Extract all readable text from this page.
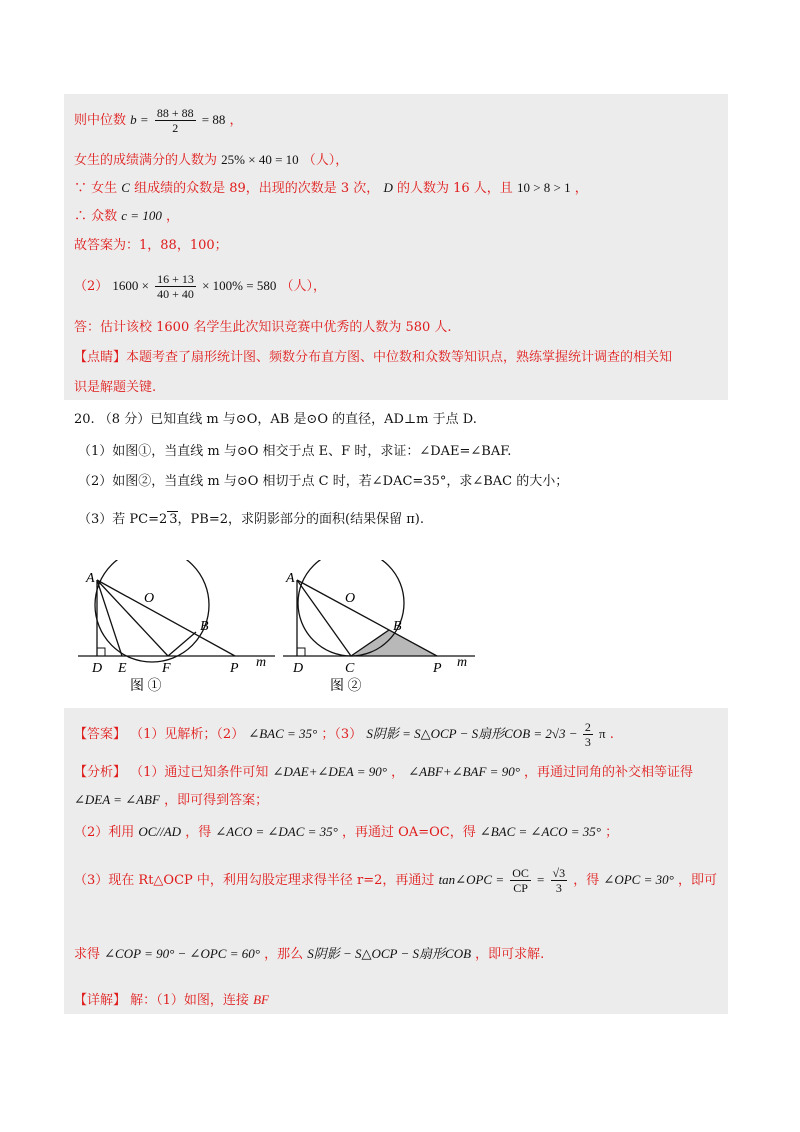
则中位数 $b = \frac{88 + 88}{2} = 88$ ，
女生的成绩满分的人数为 25% × 40 = 10 （人），
∵ 女生 C 组成绩的众数是 89，出现的次数是 3 次， D 的人数为 16 人，且 10 > 8 > 1 ，
∴ 众数 c = 100 ，
故答案为：1，88，100；
（2） $1600 \times \frac{16 + 13}{40 + 40} \times 100\% = 580$ （人），
答：估计该校 1600 名学生此次知识竞赛中优秀的人数为 580 人.
【点睛】本题考查了扇形统计图、频数分布直方图、中位数和众数等知识点，熟练掌握统计调查的相关知
识是解题关键.
20. （8 分）已知直线 m 与⊙O，AB 是⊙O 的直径，AD⊥m 于点 D.
（1）如图①，当直线 m 与⊙O 相交于点 E、F 时，求证：∠DAE=∠BAF.
（2）如图②，当直线 m 与⊙O 相切于点 C 时，若∠DAC=35°，求∠BAC 的大小；
（3）若 PC=2 3，PB=2，求阴影部分的面积(结果保留 π).
A
O
B
D E	F	P m
图 ①
A
O
B
D	C	P m
图 ②
【答案】 （1）见解析；（2） ∠BAC = 35° ；（3） S阴影 = S△OCP − S扇形COB = $2√3 - \frac{2}{3}$ π .
【分析】 （1）通过已知条件可知 ∠DAE+∠DEA = 90° ， ∠ABF+∠BAF = 90° ，再通过同角的补交相等证得
∠DEA = ∠ABF ，即可得到答案；
（2）利用 OC//AD ，得 ∠ACO = ∠DAC = 35° ，再通过 OA=OC，得 ∠BAC = ∠ACO = 35° ；
（3）现在 Rt△OCP 中，利用勾股定理求得半径 r=2，再通过 tan∠OPC = $\frac{OC}{CP} = \frac{√3}{3}$ ，得 ∠OPC = 30° ，即可
求得 ∠COP = 90° − ∠OPC = 60° ，那么 S阴影 − S△OCP − S扇形COB ，即可求解.
【详解】 解：（1）如图，连接 BF
